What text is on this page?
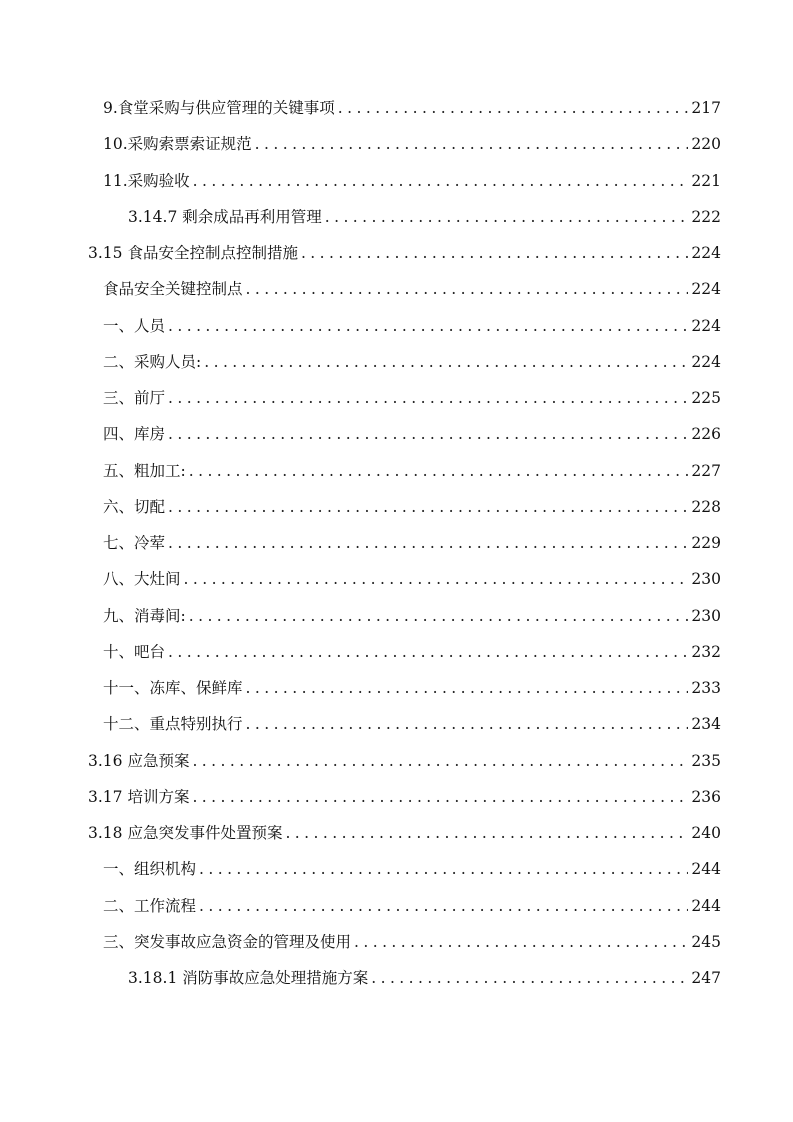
9.食堂采购与供应管理的关键事项 . . .	217
10.采购索票索证规范 . . .	220
11.采购验收 . . .	221
3.14.7 剩余成品再利用管理 . . .	222
3.15 食品安全控制点控制措施 . . .	224
食品安全关键控制点 . . .	224
一、人员 . . .	224
二、采购人员: . . .	224
三、前厅 . . .	225
四、库房 . . .	226
五、粗加工: . . .	227
六、切配 . . .	228
七、冷荤 . . .	229
八、大灶间 . . .	230
九、消毒间: . . .	230
十、吧台 . . .	232
十一、冻库、保鲜库 . . .	233
十二、重点特别执行 . . .	234
3.16 应急预案 . . .	235
3.17 培训方案 . . .	236
3.18 应急突发事件处置预案 . . .	240
一、组织机构 . . .	244
二、工作流程 . . .	244
三、突发事故应急资金的管理及使用 . . .	245
3.18.1 消防事故应急处理措施方案 . . .	247
